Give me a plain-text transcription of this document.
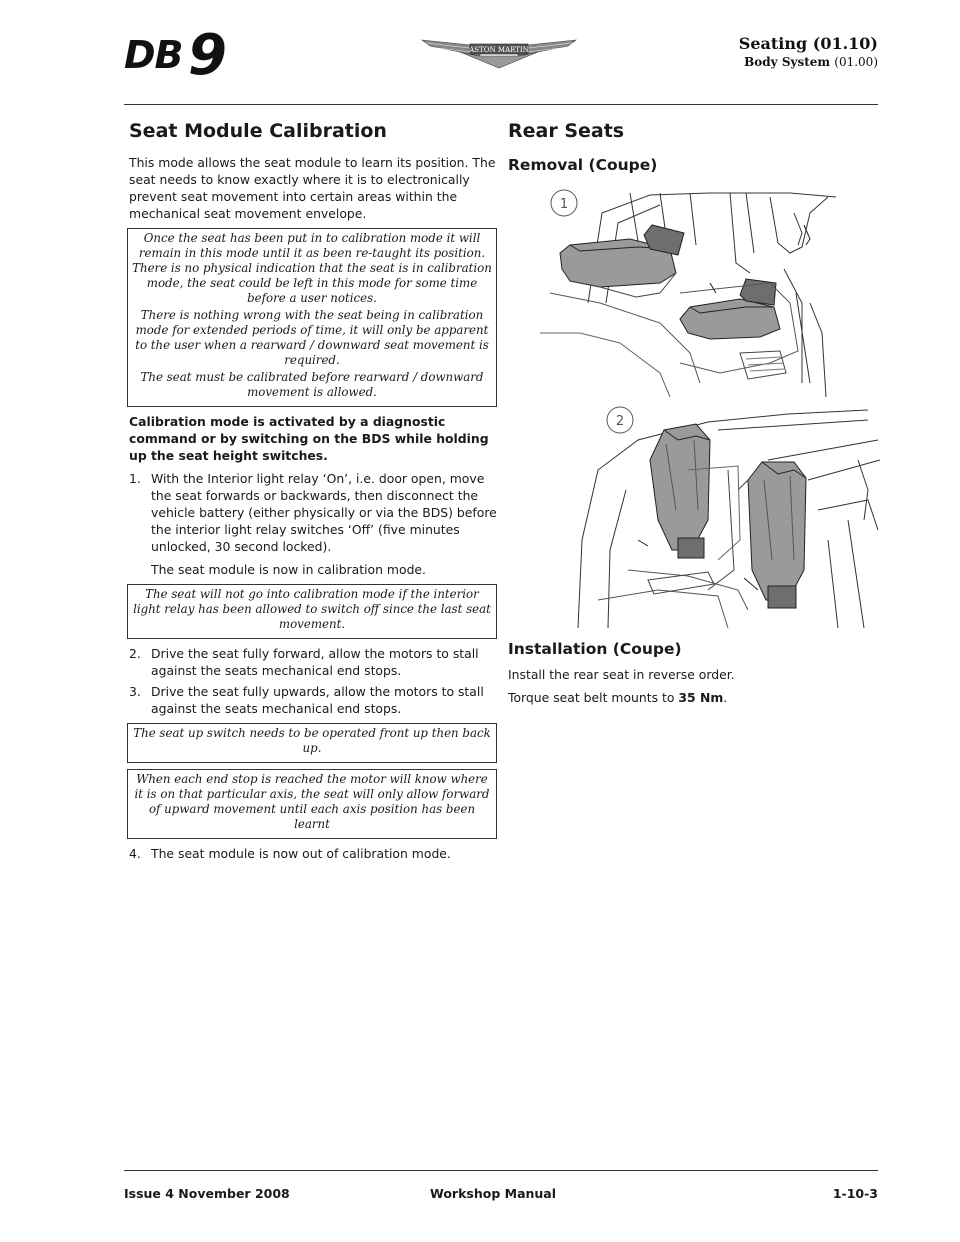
DB 9	ASTON MARTIN	Seating (01.10)
Body System (01.00)
Seat Module Calibration

This mode allows the seat module to learn its position. The seat needs to know exactly where it is to electronically prevent seat movement into certain areas within the mechanical seat movement envelope.

Once the seat has been put in to calibration mode it will remain in this mode until it as been re-taught its position. There is no physical indication that the seat is in calibration mode, the seat could be left in this mode for some time before a user notices.

There is nothing wrong with the seat being in calibration mode for extended periods of time, it will only be apparent to the user when a rearward / downward seat movement is required.

The seat must be calibrated before rearward / downward movement is allowed.

Calibration mode is activated by a diagnostic command or by switching on the BDS while holding up the seat height switches.

1. With the Interior light relay ‘On’, i.e. door open, move the seat forwards or backwards, then disconnect the vehicle battery (either physically or via the BDS) before the interior light relay switches ‘Off’ (five minutes unlocked, 30 second locked).

The seat module is now in calibration mode.

The seat will not go into calibration mode if the interior light relay has been allowed to switch off since the last seat movement.

2. Drive the seat fully forward, allow the motors to stall against the seats mechanical end stops.
3. Drive the seat fully upwards, allow the motors to stall against the seats mechanical end stops.

The seat up switch needs to be operated front up then back up.

When each end stop is reached the motor will know where it is on that particular axis, the seat will only allow forward of upward movement until each axis position has been learnt

4. The seat module is now out of calibration mode.
Rear Seats
Removal (Coupe)
1
2
Installation (Coupe)

Install the rear seat in reverse order.

Torque seat belt mounts to 35 Nm.

Issue 4 November 2008	Workshop Manual	1-10-3
